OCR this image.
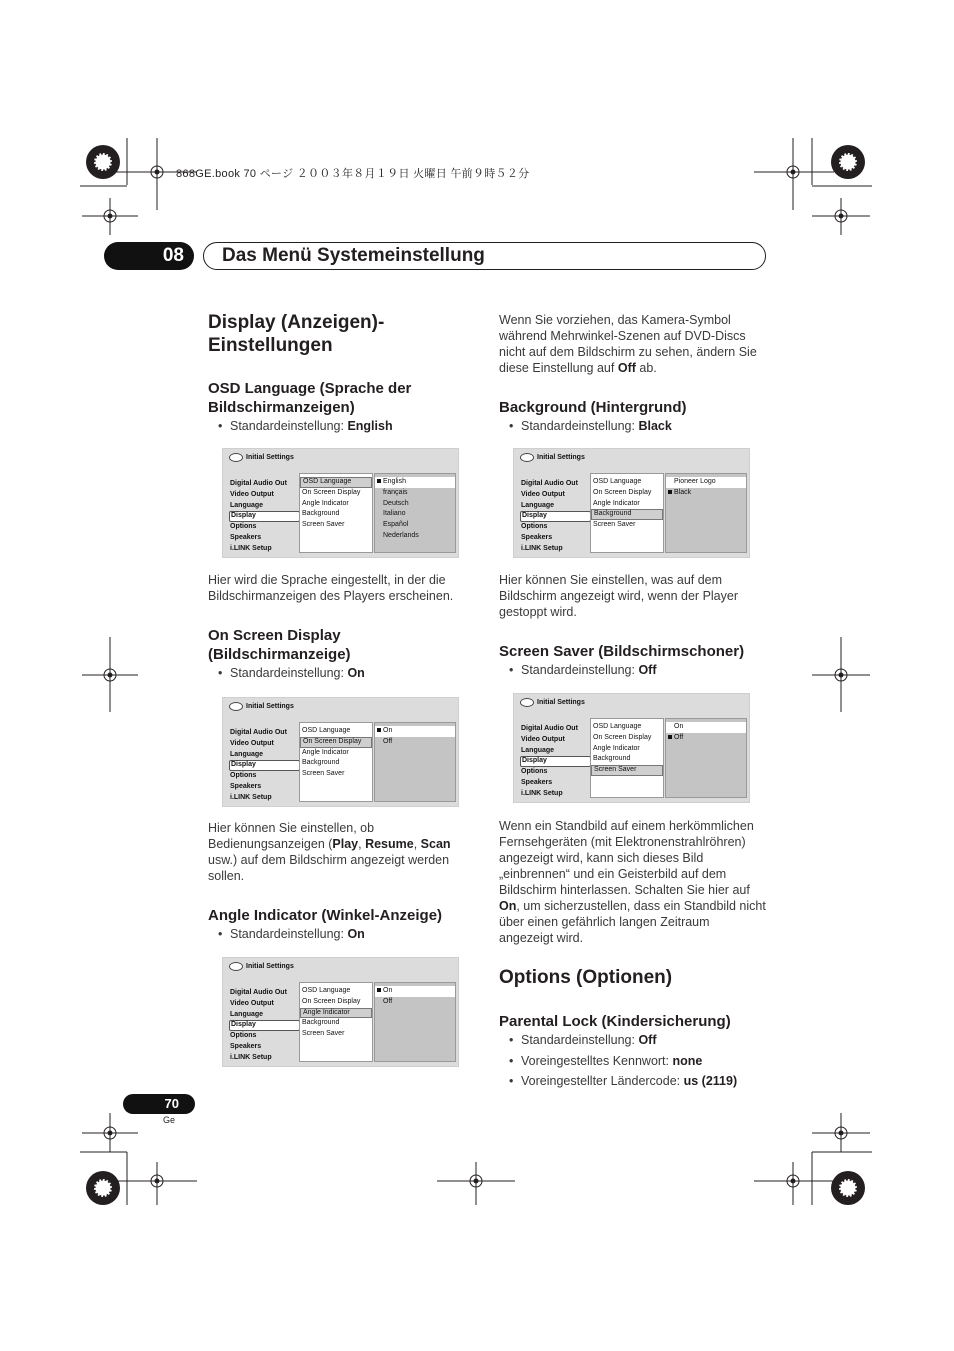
868GE.book 70 ページ ２００３年８月１９日 火曜日 午前９時５２分
08	Das Menü Systemeinstellung
Display (Anzeigen)-
Einstellungen
OSD Language (Sprache der Bildschirmanzeigen)
• Standardeinstellung: English
Initial Settings
Digital Audio Out
Video Output
Language
Display
Options
Speakers
i.LINK Setup
OSD Language
On Screen Display
Angle Indicator
Background
Screen Saver
English
français
Deutsch
Italiano
Español
Nederlands
Hier wird die Sprache eingestellt, in der die Bildschirmanzeigen des Players erscheinen.
On Screen Display (Bildschirmanzeige)
• Standardeinstellung: On
Initial Settings
Digital Audio Out
Video Output
Language
Display
Options
Speakers
i.LINK Setup
OSD Language
On Screen Display
Angle Indicator
Background
Screen Saver
On
Off
Hier können Sie einstellen, ob Bedienungsanzeigen (Play, Resume, Scan usw.) auf dem Bildschirm angezeigt werden sollen.
Angle Indicator (Winkel-Anzeige)
• Standardeinstellung: On
Initial Settings
Digital Audio Out
Video Output
Language
Display
Options
Speakers
i.LINK Setup
OSD Language
On Screen Display
Angle Indicator
Background
Screen Saver
On
Off
Wenn Sie vorziehen, das Kamera-Symbol während Mehrwinkel-Szenen auf DVD-Discs nicht auf dem Bildschirm zu sehen, ändern Sie diese Einstellung auf Off ab.
Background (Hintergrund)
• Standardeinstellung: Black
Initial Settings
Digital Audio Out
Video Output
Language
Display
Options
Speakers
i.LINK Setup
OSD Language
On Screen Display
Angle Indicator
Background
Screen Saver
Pioneer Logo
Black
Hier können Sie einstellen, was auf dem Bildschirm angezeigt wird, wenn der Player gestoppt wird.
Screen Saver (Bildschirmschoner)
• Standardeinstellung: Off
Initial Settings
Digital Audio Out
Video Output
Language
Display
Options
Speakers
i.LINK Setup
OSD Language
On Screen Display
Angle Indicator
Background
Screen Saver
On
Off
Wenn ein Standbild auf einem herkömmlichen Fernsehgeräten (mit Elektronenstrahlröhren) angezeigt wird, kann sich dieses Bild „einbrennen“ und ein Geisterbild auf dem Bildschirm hinterlassen. Schalten Sie hier auf On, um sicherzustellen, dass ein Standbild nicht über einen gefährlich langen Zeitraum angezeigt wird.
Options (Optionen)
Parental Lock (Kindersicherung)
• Standardeinstellung: Off
• Voreingestelltes Kennwort: none
• Voreingestellter Ländercode: us (2119)
70
Ge
